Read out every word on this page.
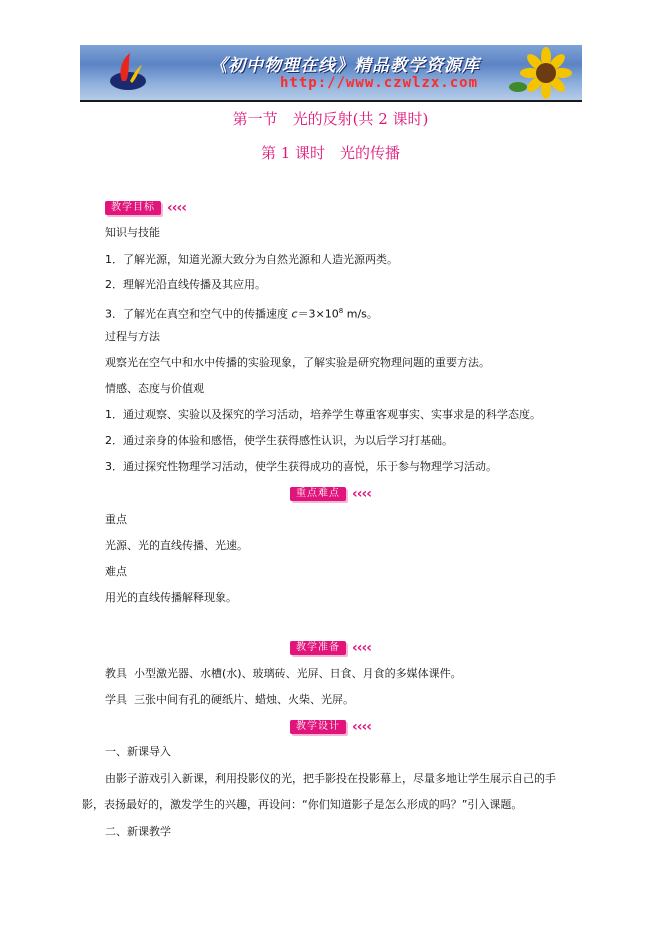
《初中物理在线》精品教学资源库
http://www.czwlzx.com
第一节　光的反射(共 2 课时)
第 1 课时　光的传播
教学目标 ‹‹‹‹
知识与技能
1．了解光源，知道光源大致分为自然光源和人造光源两类。
2．理解光沿直线传播及其应用。
3．了解光在真空和空气中的传播速度 $c=3\times 10^8$ m/s。
过程与方法
观察光在空气中和水中传播的实验现象，了解实验是研究物理问题的重要方法。
情感、态度与价值观
1．通过观察、实验以及探究的学习活动，培养学生尊重客观事实、实事求是的科学态度。
2．通过亲身的体验和感悟，使学生获得感性认识，为以后学习打基础。
3．通过探究性物理学习活动，使学生获得成功的喜悦，乐于参与物理学习活动。
重点难点 ‹‹‹‹
重点
光源、光的直线传播、光速。
难点
用光的直线传播解释现象。
教学准备 ‹‹‹‹
教具 小型激光器、水槽(水)、玻璃砖、光屏、日食、月食的多媒体课件。
学具 三张中间有孔的硬纸片、蜡烛、火柴、光屏。
教学设计 ‹‹‹‹
一、新课导入
由影子游戏引入新课，利用投影仪的光，把手影投在投影幕上，尽量多地让学生展示自己的手
影，表扬最好的，激发学生的兴趣，再设问：“你们知道影子是怎么形成的吗？”引入课题。
二、新课教学
